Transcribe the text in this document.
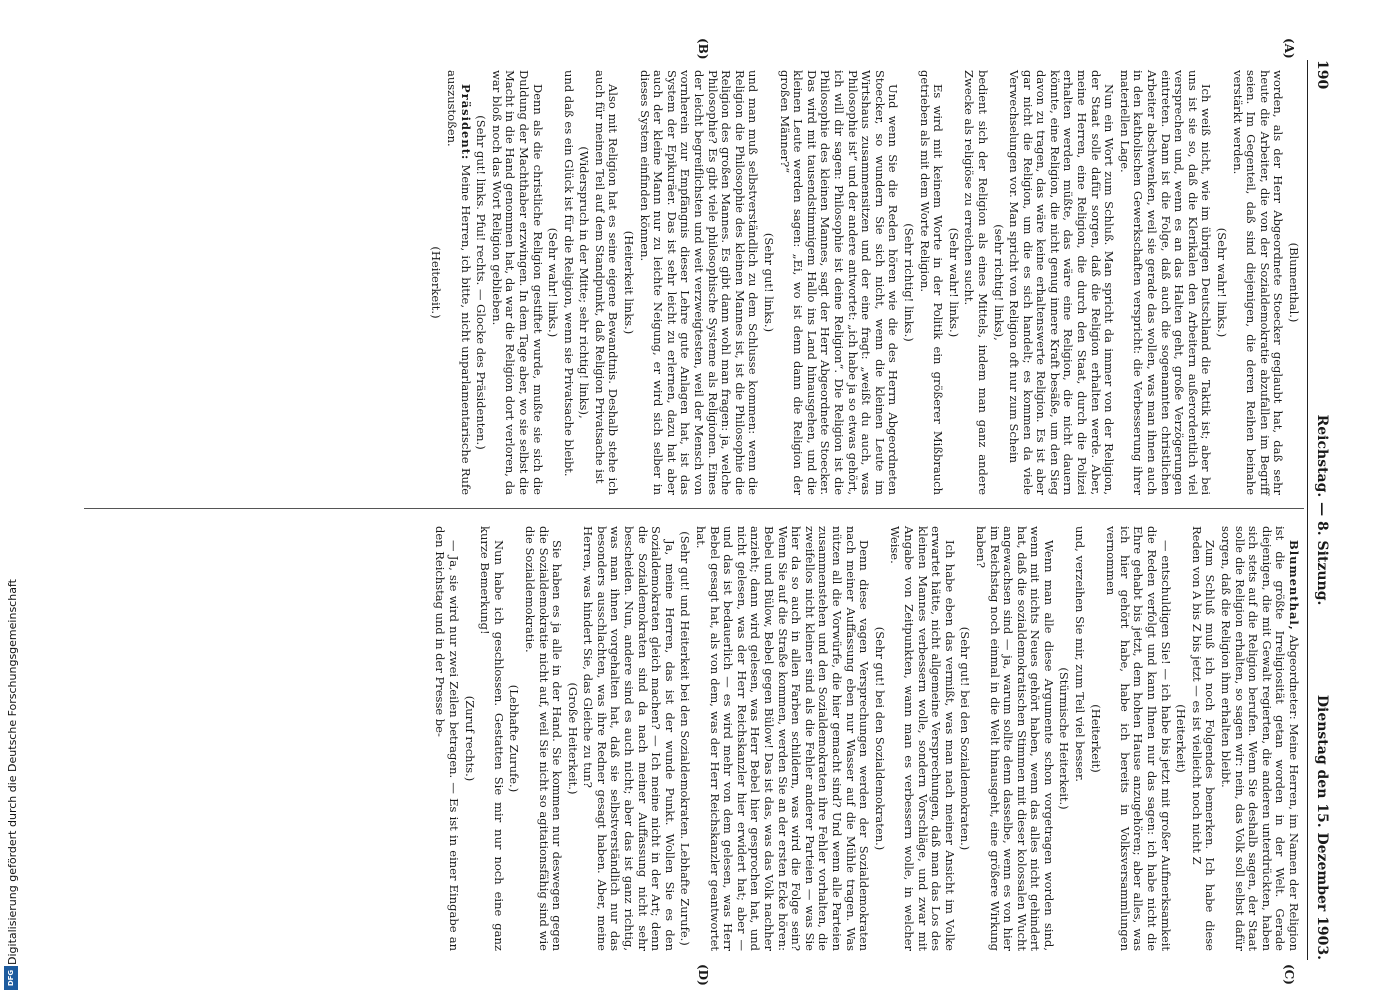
190
Reichstag. — 8. Sitzung.
Dienstag den 15. Dezember 1903.
(A)
(B)
(C)
(D)

(Blumenthal.)

worden, als der Herr Abgeordnete Stoecker geglaubt hat, daß sehr heute die Arbeiter, die von der Sozialdemokratie abzufallen im Begriff seien. Im Gegenteil, daß sind diejenigen, die deren Reihen beinahe verstärkt werden.

(Sehr wahr! links.)

Ich weiß nicht, wie im übrigen Deutschland die Taktik ist; aber bei uns ist sie so, daß die Klerikalen den Arbeitern außerordentlich viel versprechen und, wenn es an das Halten geht, große Verzögerungen eintreten. Dann ist die Folge, daß auch die sogenannten christlichen Arbeiter abschwenken, weil sie gerade das wollen, was man ihnen auch in den katholischen Gewerkschaften verspricht: die Verbesserung ihrer materiellen Lage.

Nun ein Wort zum Schluß. Man spricht da immer von der Religion, der Staat solle dafür sorgen, daß die Religion erhalten werde. Aber, meine Herren, eine Religion, die durch den Staat, durch die Polizei erhalten werden müßte, das wäre eine Religion, die nicht dauern könnte, eine Religion, die nicht genug innere Kraft besäße, um den Sieg davon zu tragen, das wäre keine erhaltenswerte Religion. Es ist aber gar nicht die Religion, um die es sich handelt; es kommen da viele Verwechselungen vor. Man spricht von Religion oft nur zum Schein

(sehr richtig! links),

bedient sich der Religion als eines Mittels, indem man ganz andere Zwecke als religiöse zu erreichen sucht.

(Sehr wahr! links.)

Es wird mit keinem Worte in der Politik ein größerer Mißbrauch getrieben als mit dem Worte Religion.

(Sehr richtig! links.)

Und wenn Sie die Reden hören wie die des Herrn Abgeordneten Stoecker, so wundern Sie sich nicht, wenn die kleinen Leute im Wirtshaus zusammensitzen und der eine fragt: „weißt du auch, was Philosophie ist“ und der andere antwortet: „ich habe ja so etwas gehört, ich will dir sagen: Philosophie ist deine Religion“. Die Religion ist die Philosophie des kleinen Mannes, sagt der Herr Abgeordnete Stoecker. Das wird mit tausendstimmigem Hallo ins Land hinausgehen, und die kleinen Leute werden sagen: „Ei, wo ist denn dann die Religion der großen Männer?“

(Sehr gut! links.)

und man muß selbstverständlich zu dem Schlusse kommen: wenn die Religion die Philosophie des kleinen Mannes ist, ist die Philosophie die Religion des großen Mannes. Es gibt dann wohl man fragen: ja, welche Philosophie? Es gibt viele philosophische Systeme als Religionen. Eines der leicht begreiflichsten und weit verzweigtesten, weil der Mensch von vornherein zur Empfängnis dieser Lehre gute Anlagen hat, ist das System der Epikuräer. Das ist sehr leicht zu erlernen, dazu hat aber auch der kleine Mann nur zu leichte Neigung, er wird sich selber in dieses System einfinden können.

(Heiterkeit links.)

Also mit Religion hat es seine eigene Bewandtnis. Deshalb stehe ich auch für meinen Teil auf dem Standpunkt, daß Religion Privatsache ist

(Widerspruch in der Mitte; sehr richtig! links),

und daß es ein Glück ist für die Religion, wenn sie Privatsache bleibt.

(Sehr wahr! links.)

Denn als die christliche Religion gestiftet wurde, mußte sie sich die Duldung der Machthaber erzwingen. In dem Tage aber, wo sie selbst die Macht in die Hand genommen hat, da war die Religion dort verloren, da war bloß noch das Wort Religion geblieben.

(Sehr gut! links. Pfui! rechts. — Glocke des Präsidenten.)

Präsident: Meine Herren, ich bitte, nicht unparlamentarische Rufe auszustoßen.

(Heiterkeit.)

Blumenthal, Abgeordneter: Meine Herren, im Namen der Religion ist die größte Irreligiosität getan worden in der Welt. Gerade diejenigen, die mit Gewalt regierten, die anderen unterdrückten, haben sich stets auf die Religion berufen. Wenn Sie deshalb sagen, der Staat solle die Religion erhalten, so sagen wir: nein, das Volk soll selbst dafür sorgen, daß die Religion ihm erhalten bleibt.

Zum Schluß muß ich noch Folgendes bemerken. Ich habe diese Reden von A bis Z bis jetzt — es ist vielleicht noch nicht Z

(Heiterkeit)

— entschuldigen Sie! — ich habe bis jetzt mit großer Aufmerksamkeit die Reden verfolgt und kann Ihnen nur das sagen: ich habe nicht die Ehre gehabt bis jetzt, dem hohen Hause anzugehören; aber alles, was ich hier gehört habe, habe ich bereits in Volksversammlungen vernommen

(Heiterkeit)

und, verzeihen Sie mir, zum Teil viel besser.

(Stürmische Heiterkeit.)

Wenn man alle diese Argumente schon vorgetragen worden sind, wenn mit nichts Neues gehört haben, wenn das alles nicht gehindert hat, daß die sozialdemokratischen Stimmen mit dieser kolossalen Wucht angewachsen sind — ja, warum sollte denn dasselbe, wenn es von hier im Reichstag noch einmal in die Welt hinausgeht, eine größere Wirkung haben?

(Sehr gut! bei den Sozialdemokraten.)

Ich habe eben das vermißt, was man nach meiner Ansicht im Volke erwartet hätte, nicht allgemeine Versprechungen, daß man das Los des kleinen Mannes verbessern wolle, sondern Vorschläge, und zwar mit Angabe von Zeitpunkten, wann man es verbessern wolle, in welcher Weise.

(Sehr gut! bei den Sozialdemokraten.)

Denn diese vagen Versprechungen werden der Sozialdemokraten nach meiner Auffassung eben nur Wasser auf die Mühle tragen. Was nützen all die Vorwürfe, die hier gemacht sind? Und wenn alle Parteien zusammenstehen und den Sozialdemokraten ihre Fehler vorhalten, die zweifellos nicht kleiner sind als die Fehler anderer Parteien — was Sie hier da so auch in allen Farben schildern, was wird die Folge sein? Wenn Sie auf die Straße kommen, werden Sie an der ersten Ecke hören: Bebel und Bülow, Bebel gegen Bülow! Das ist das, was das Volk nachher anzieht; dann wird gelesen, was Herr Bebel hier gesprochen hat, und nicht gelesen, was der Herr Reichskanzler hier erwidert hat; aber — und das ist bedauerlich — es wird mehr von dem gelesen, was Herr Bebel gesagt hat, als von dem, was der Herr Reichskanzler geantwortet hat.

(Sehr gut! und Heiterkeit bei den Sozialdemokraten. Lebhafte Zurufe.)

Ja, meine Herren, das ist der wunde Punkt. Wollen Sie es den Sozialdemokraten gleich machen? — Ich meine nicht in der Art; denn die Sozialdemokraten sind da nach meiner Auffassung nicht sehr bescheiden. Nun, andere sind es auch nicht; aber das ist ganz richtig, was man ihnen vorgehalten hat, daß sie selbstverständlich nur das besonders ausschlachten, was ihre Redner gesagt haben. Aber, meine Herren, was hindert Sie, das Gleiche zu tun?

(Große Heiterkeit.)

Sie haben es ja alle in der Hand. Sie kommen nur deswegen gegen die Sozialdemokratie nicht auf, weil Sie nicht so agitationsfähig sind wie die Sozialdemokratie.

(Lebhafte Zurufe.)

Nun habe ich geschlossen. Gestatten Sie mir nur noch eine ganz kurze Bemerkung!

(Zuruf rechts.)

— Ja, sie wird nur zwei Zeilen betragen. — Es ist in einer Eingabe an den Reichstag und in der Presse be-

Digitalisierung gefördert durch die Deutsche Forschungsgemeinschaft
DFG
